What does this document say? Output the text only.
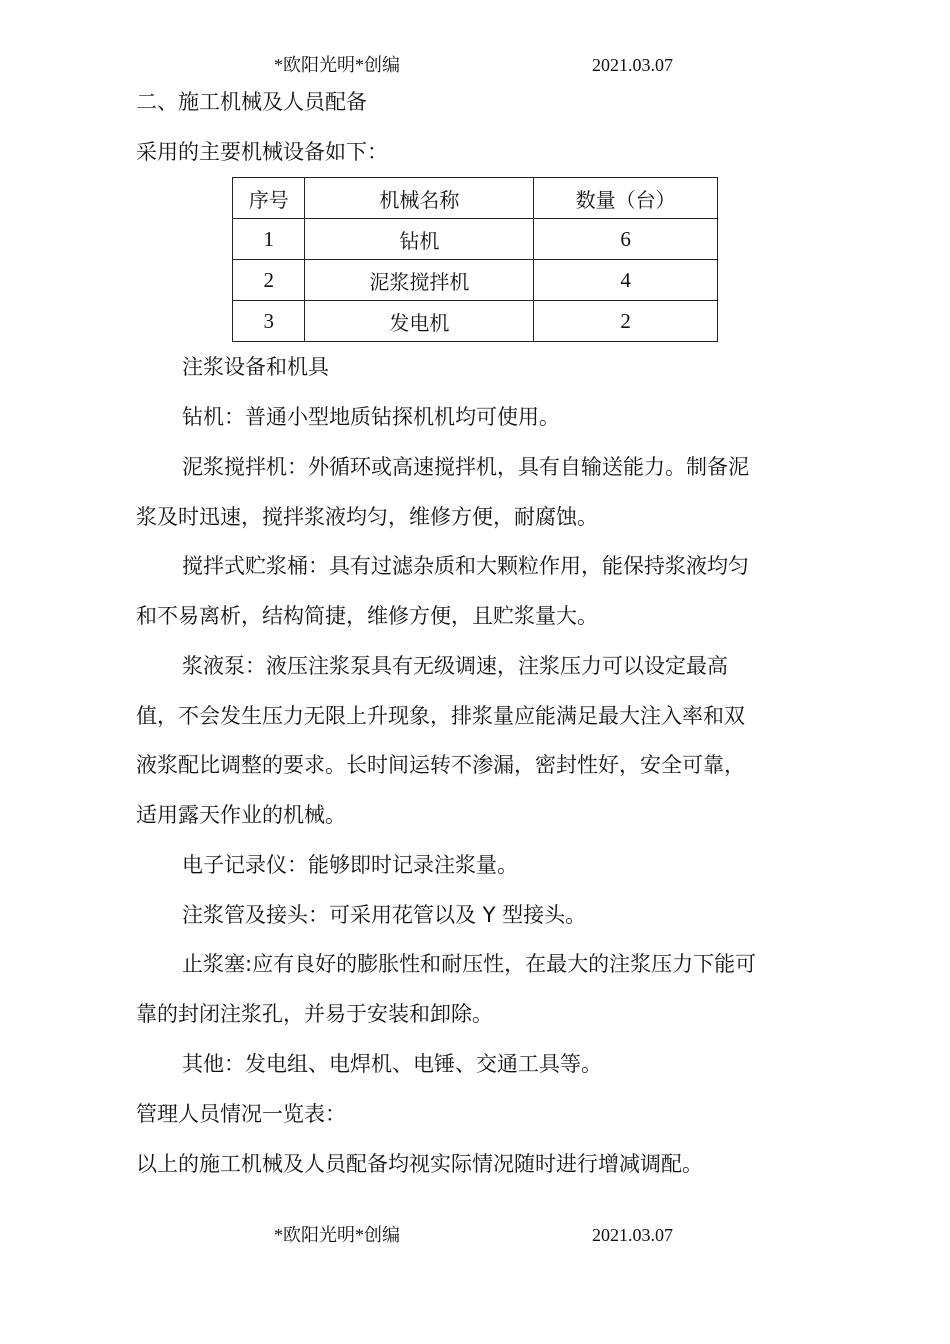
*欧阳光明*创编	2021.03.07
二、施工机械及人员配备
采用的主要机械设备如下：
序号	机械名称	数量（台）
1	钻机	6
2	泥浆搅拌机	4
3	发电机	2
注浆设备和机具
钻机：普通小型地质钻探机机均可使用。
泥浆搅拌机：外循环或高速搅拌机，具有自输送能力。制备泥
浆及时迅速，搅拌浆液均匀，维修方便，耐腐蚀。
搅拌式贮浆桶：具有过滤杂质和大颗粒作用，能保持浆液均匀
和不易离析，结构简捷，维修方便，且贮浆量大。
浆液泵：液压注浆泵具有无级调速，注浆压力可以设定最高
值，不会发生压力无限上升现象，排浆量应能满足最大注入率和双
液浆配比调整的要求。长时间运转不渗漏，密封性好，安全可靠，
适用露天作业的机械。
电子记录仪：能够即时记录注浆量。
注浆管及接头：可采用花管以及 Y 型接头。
止浆塞:应有良好的膨胀性和耐压性，在最大的注浆压力下能可
靠的封闭注浆孔，并易于安装和卸除。
其他：发电组、电焊机、电锤、交通工具等。
管理人员情况一览表：
以上的施工机械及人员配备均视实际情况随时进行增减调配。
*欧阳光明*创编	2021.03.07
